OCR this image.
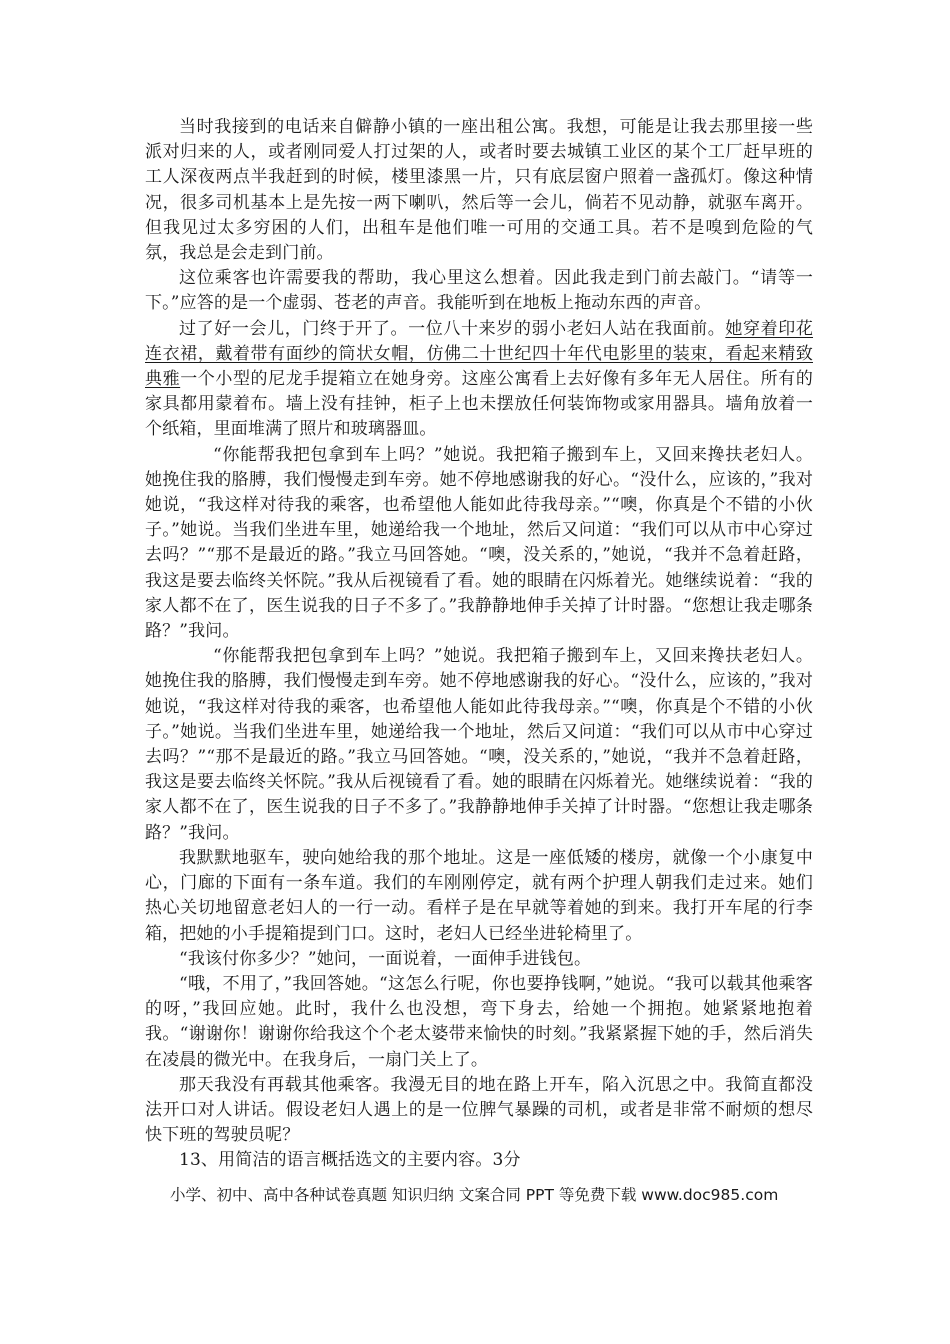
当时我接到的电话来自僻静小镇的一座出租公寓。我想，可能是让我去那里接一些派对归来的人，或者刚同爱人打过架的人，或者时要去城镇工业区的某个工厂赶早班的工人深夜两点半我赶到的时候，楼里漆黑一片，只有底层窗户照着一盏孤灯。像这种情况，很多司机基本上是先按一两下喇叭，然后等一会儿，倘若不见动静，就驱车离开。但我见过太多穷困的人们，出租车是他们唯一可用的交通工具。若不是嗅到危险的气氛，我总是会走到门前。

这位乘客也许需要我的帮助，我心里这么想着。因此我走到门前去敲门。“请等一下。”应答的是一个虚弱、苍老的声音。我能听到在地板上拖动东西的声音。

过了好一会儿，门终于开了。一位八十来岁的弱小老妇人站在我面前。她穿着印花连衣裙，戴着带有面纱的筒状女帽，仿佛二十世纪四十年代电影里的装束，看起来精致典雅一个小型的尼龙手提箱立在她身旁。这座公寓看上去好像有多年无人居住。所有的家具都用蒙着布。墙上没有挂钟，柜子上也未摆放任何装饰物或家用器具。墙角放着一个纸箱，里面堆满了照片和玻璃器皿。

“你能帮我把包拿到车上吗？”她说。我把箱子搬到车上，又回来搀扶老妇人。她挽住我的胳膊，我们慢慢走到车旁。她不停地感谢我的好心。“没什么，应该的，”我对她说，“我这样对待我的乘客，也希望他人能如此待我母亲。”“噢，你真是个不错的小伙子。”她说。当我们坐进车里，她递给我一个地址，然后又问道：“我们可以从市中心穿过去吗？”“那不是最近的路。”我立马回答她。“噢，没关系的，”她说，“我并不急着赶路，我这是要去临终关怀院。”我从后视镜看了看。她的眼睛在闪烁着光。她继续说着：“我的家人都不在了，医生说我的日子不多了。”我静静地伸手关掉了计时器。“您想让我走哪条路？”我问。

“你能帮我把包拿到车上吗？”她说。我把箱子搬到车上，又回来搀扶老妇人。她挽住我的胳膊，我们慢慢走到车旁。她不停地感谢我的好心。“没什么，应该的，”我对她说，“我这样对待我的乘客，也希望他人能如此待我母亲。”“噢，你真是个不错的小伙子。”她说。当我们坐进车里，她递给我一个地址，然后又问道：“我们可以从市中心穿过去吗？”“那不是最近的路。”我立马回答她。“噢，没关系的，”她说，“我并不急着赶路，我这是要去临终关怀院。”我从后视镜看了看。她的眼睛在闪烁着光。她继续说着：“我的家人都不在了，医生说我的日子不多了。”我静静地伸手关掉了计时器。“您想让我走哪条路？”我问。

我默默地驱车，驶向她给我的那个地址。这是一座低矮的楼房，就像一个小康复中心，门廊的下面有一条车道。我们的车刚刚停定，就有两个护理人朝我们走过来。她们热心关切地留意老妇人的一行一动。看样子是在早就等着她的到来。我打开车尾的行李箱，把她的小手提箱提到门口。这时，老妇人已经坐进轮椅里了。

“我该付你多少？”她问，一面说着，一面伸手进钱包。

“哦，不用了，”我回答她。“这怎么行呢，你也要挣钱啊，”她说。“我可以载其他乘客的呀，”我回应她。此时，我什么也没想，弯下身去，给她一个拥抱。她紧紧地抱着我。“谢谢你！谢谢你给我这个个老太婆带来愉快的时刻。”我紧紧握下她的手，然后消失在凌晨的微光中。在我身后，一扇门关上了。

那天我没有再载其他乘客。我漫无目的地在路上开车，陷入沉思之中。我简直都没法开口对人讲话。假设老妇人遇上的是一位脾气暴躁的司机，或者是非常不耐烦的想尽快下班的驾驶员呢？

13、用简洁的语言概括选文的主要内容。3分

小学、初中、高中各种试卷真题 知识归纳 文案合同 PPT 等免费下载 www.doc985.com
